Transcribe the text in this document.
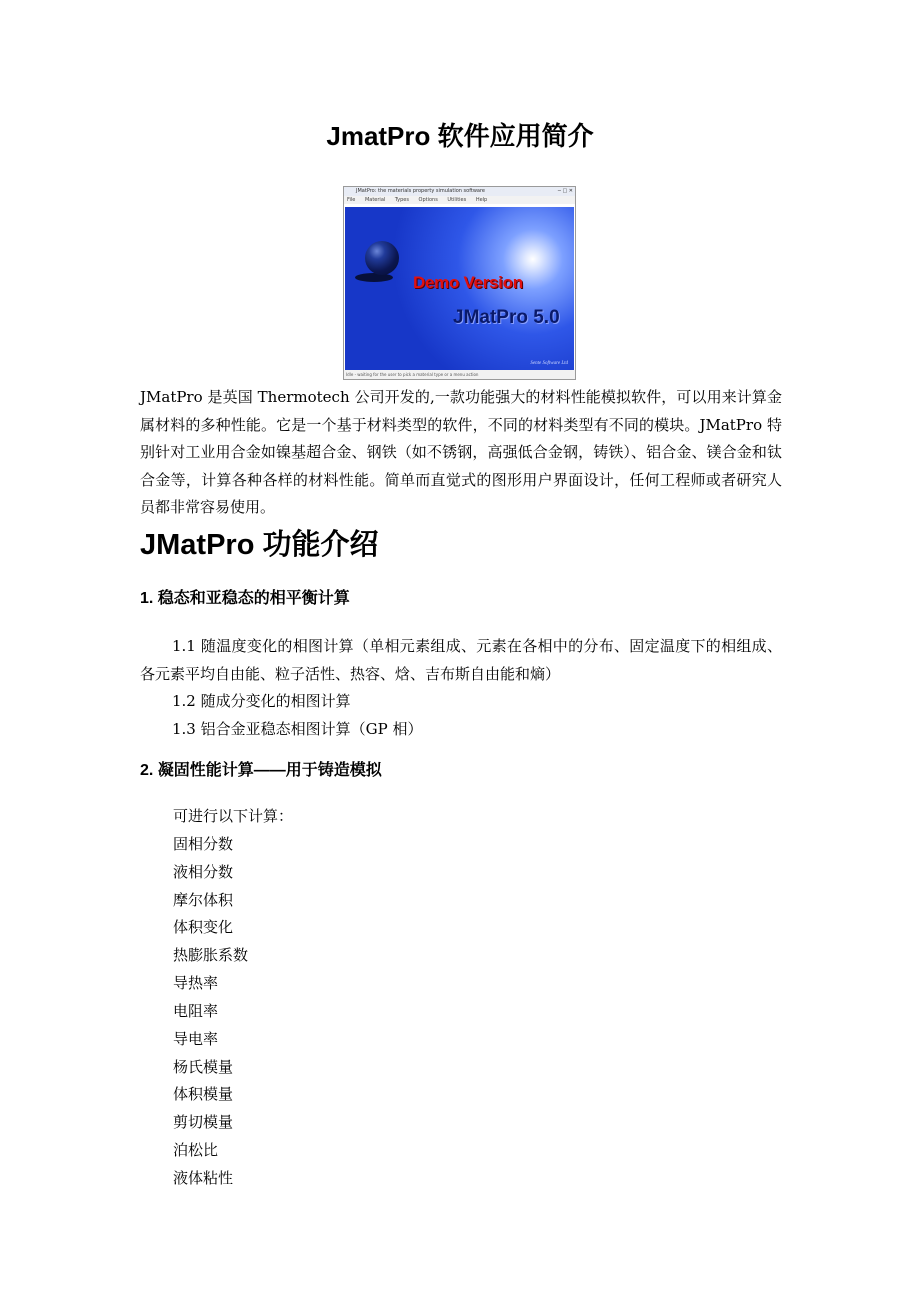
JmatPro 软件应用简介
JMatPro: the materials property simulation software	─ □ ✕
File Material Types Options Utilities Help
Demo Version
JMatPro 5.0
Sente Software Ltd
Idle - waiting for the user to pick a material type or a menu action

JMatPro 是英国 Thermotech 公司开发的,一款功能强大的材料性能模拟软件，可以用来计算金属材料的多种性能。它是一个基于材料类型的软件，不同的材料类型有不同的模块。JMatPro 特别针对工业用合金如镍基超合金、钢铁（如不锈钢，高强低合金钢，铸铁）、铝合金、镁合金和钛合金等，计算各种各样的材料性能。简单而直觉式的图形用户界面设计，任何工程师或者研究人员都非常容易使用。

JMatPro 功能介绍
1. 稳态和亚稳态的相平衡计算

1.1 随温度变化的相图计算（单相元素组成、元素在各相中的分布、固定温度下的相组成、各元素平均自由能、粒子活性、热容、焓、吉布斯自由能和熵）

1.2 随成分变化的相图计算

1.3 铝合金亚稳态相图计算（GP 相）

2. 凝固性能计算——用于铸造模拟
可进行以下计算：
固相分数
液相分数
摩尔体积
体积变化
热膨胀系数
导热率
电阻率
导电率
杨氏模量
体积模量
剪切模量
泊松比
液体粘性
